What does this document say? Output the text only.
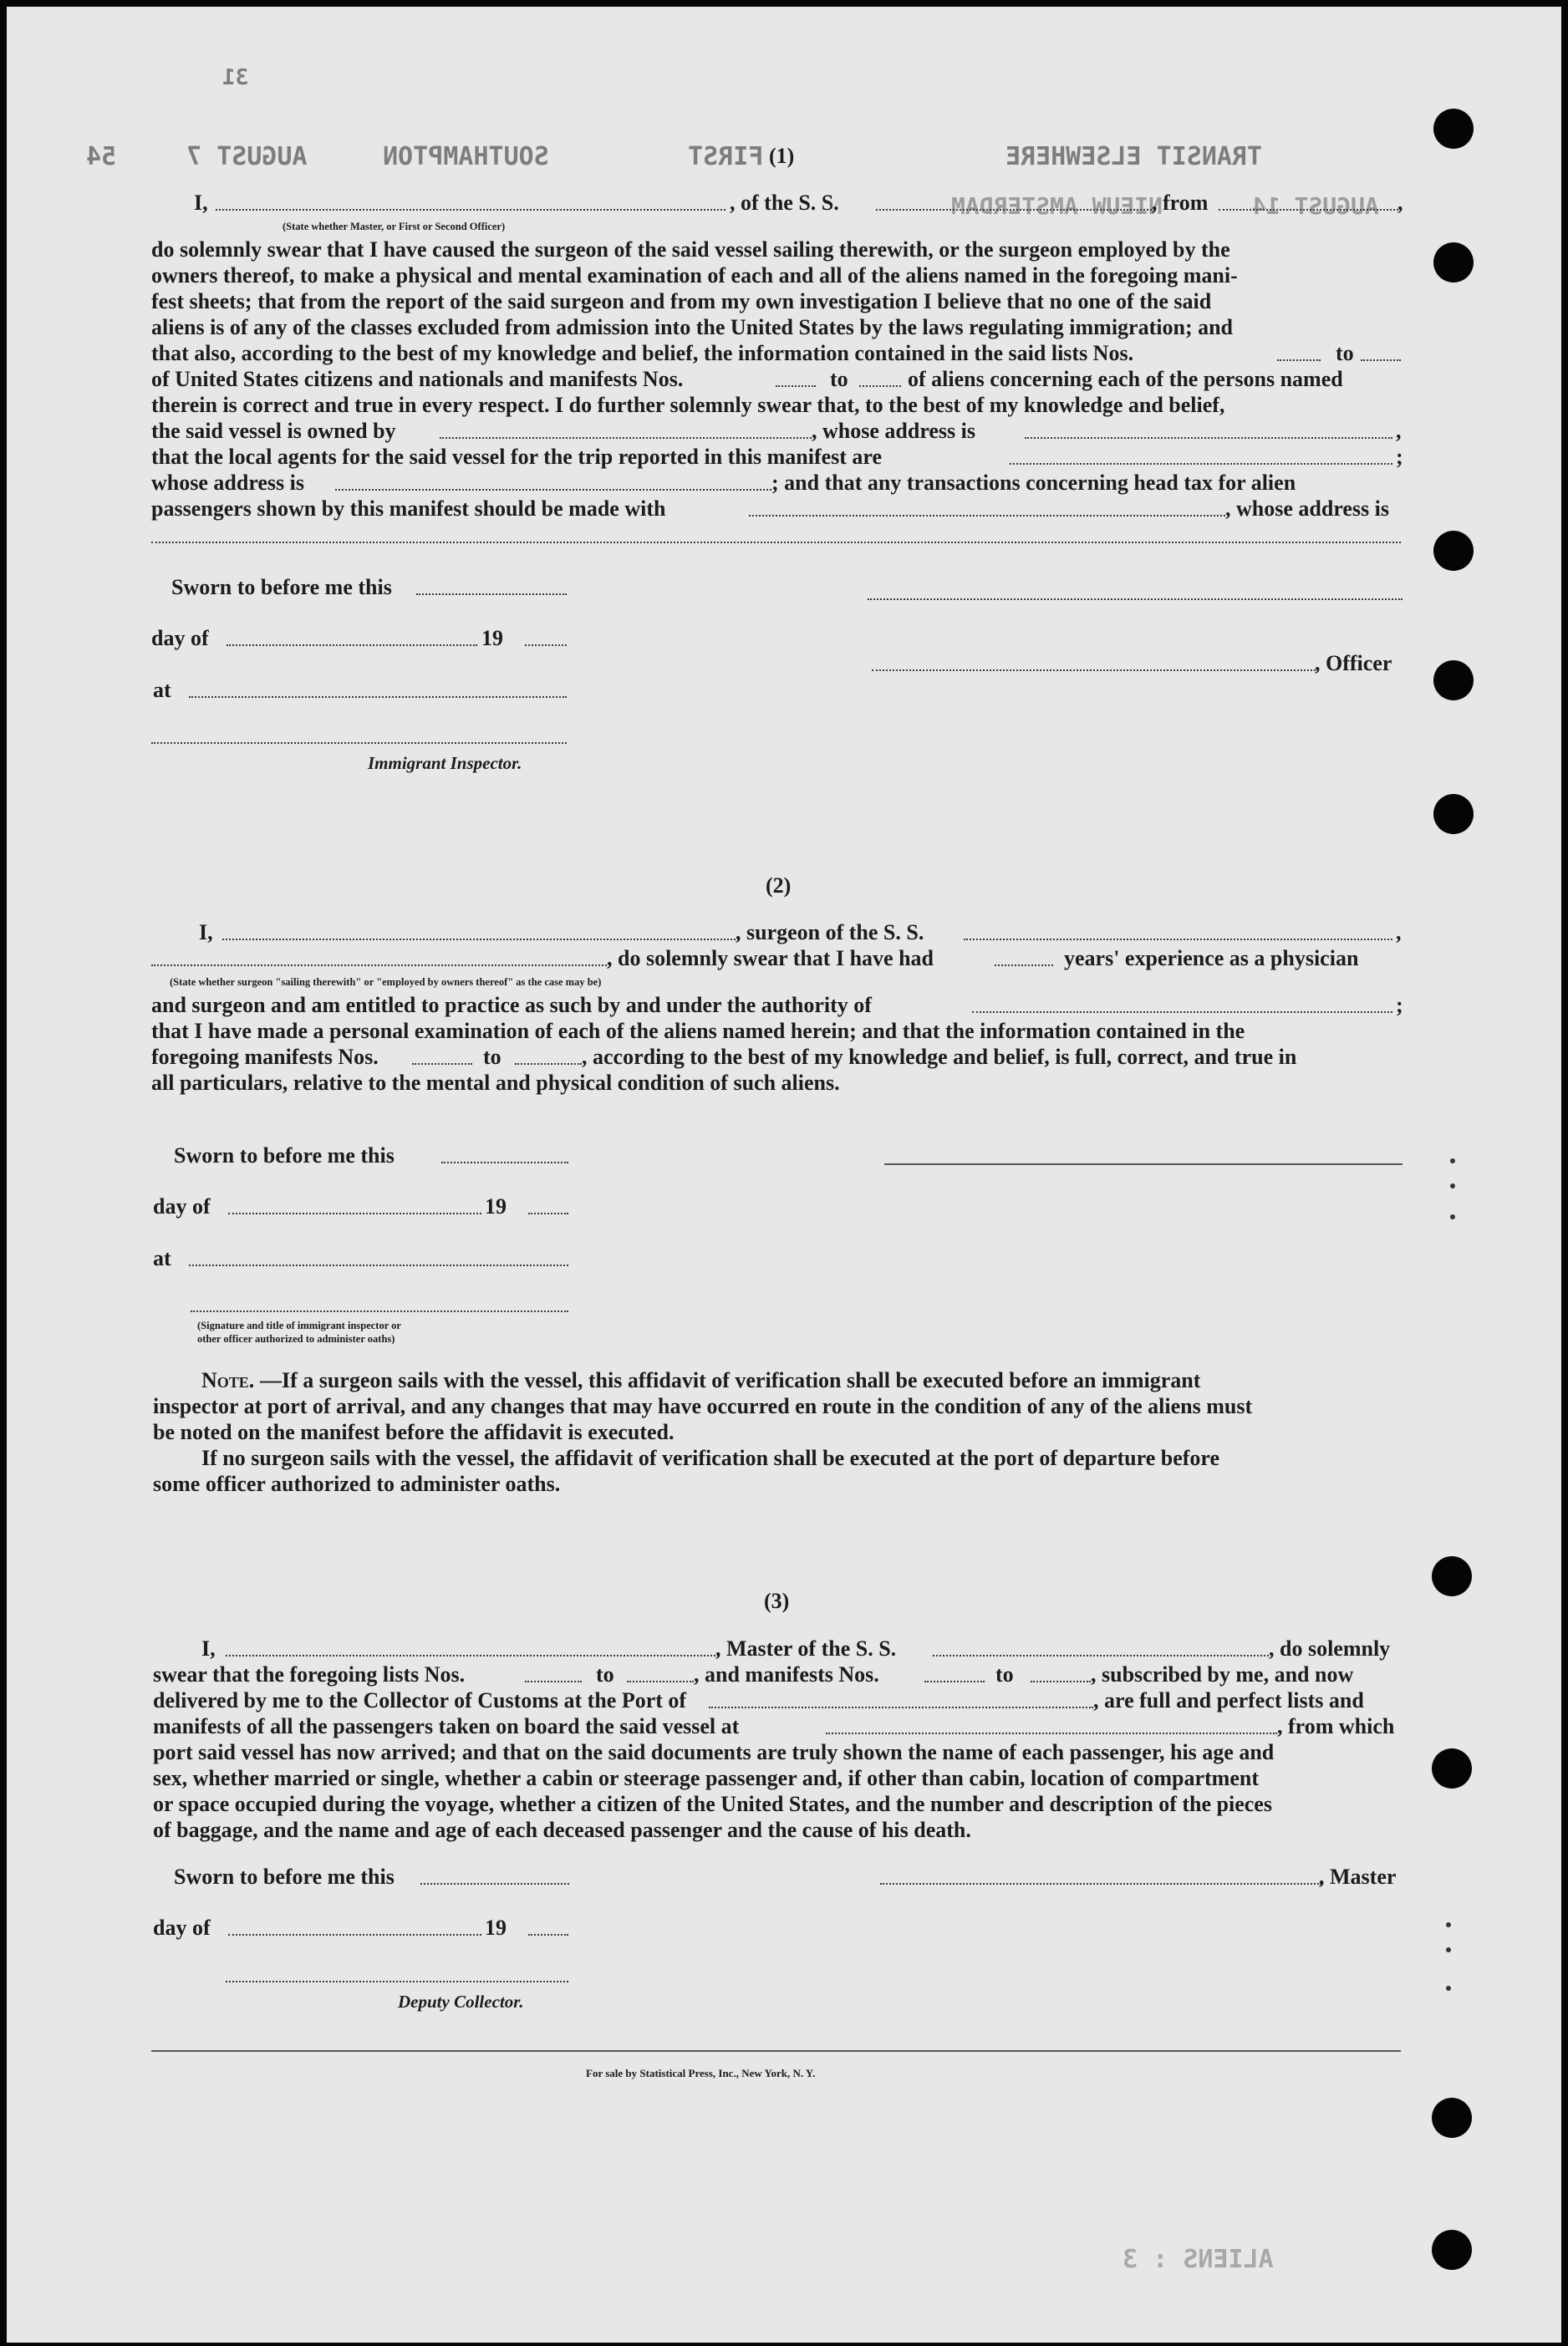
31
AUGUST 7	SOUTHAMPTON	FIRST	TRANSIT ELSEWHERE
NIEUW AMSTERDAM	AUGUST 14
54	(1)
I,	, of the S. S.	, from	,
(State whether Master, or First or Second Officer)
do solemnly swear that I have caused the surgeon of the said vessel sailing therewith, or the surgeon employed by the
owners thereof, to make a physical and mental examination of each and all of the aliens named in the foregoing mani-
fest sheets; that from the report of the said surgeon and from my own investigation I believe that no one of the said
aliens is of any of the classes excluded from admission into the United States by the laws regulating immigration; and
that also, according to the best of my knowledge and belief, the information contained in the said lists Nos.	to
of United States citizens and nationals and manifests Nos.	to	of aliens concerning each of the persons named
therein is correct and true in every respect. I do further solemnly swear that, to the best of my knowledge and belief,
the said vessel is owned by	, whose address is	,
that the local agents for the said vessel for the trip reported in this manifest are	;
whose address is	; and that any transactions concerning head tax for alien
passengers shown by this manifest should be made with	, whose address is
Sworn to before me this
day of	19
, Officer
at
Immigrant Inspector.
(2)
I,	, surgeon of the S. S.	,
, do solemnly swear that I have had	years' experience as a physician
(State whether surgeon "sailing therewith" or "employed by owners thereof" as the case may be)
and surgeon and am entitled to practice as such by and under the authority of	;
that I have made a personal examination of each of the aliens named herein; and that the information contained in the
foregoing manifests Nos.	to	, according to the best of my knowledge and belief, is full, correct, and true in
all particulars, relative to the mental and physical condition of such aliens.
Sworn to before me this
day of	19
at
(Signature and title of immigrant inspector or
other officer authorized to administer oaths)
Note. —If a surgeon sails with the vessel, this affidavit of verification shall be executed before an immigrant
inspector at port of arrival, and any changes that may have occurred en route in the condition of any of the aliens must
be noted on the manifest before the affidavit is executed.
If no surgeon sails with the vessel, the affidavit of verification shall be executed at the port of departure before
some officer authorized to administer oaths.
(3)
I,	, Master of the S. S.	, do solemnly
swear that the foregoing lists Nos.	to	, and manifests Nos.	to	, subscribed by me, and now
delivered by me to the Collector of Customs at the Port of	, are full and perfect lists and
manifests of all the passengers taken on board the said vessel at	, from which
port said vessel has now arrived; and that on the said documents are truly shown the name of each passenger, his age and
sex, whether married or single, whether a cabin or steerage passenger and, if other than cabin, location of compartment
or space occupied during the voyage, whether a citizen of the United States, and the number and description of the pieces
of baggage, and the name and age of each deceased passenger and the cause of his death.
Sworn to before me this	, Master
day of	19
Deputy Collector.
For sale by Statistical Press, Inc., New York, N. Y.
ALIENS : 3
